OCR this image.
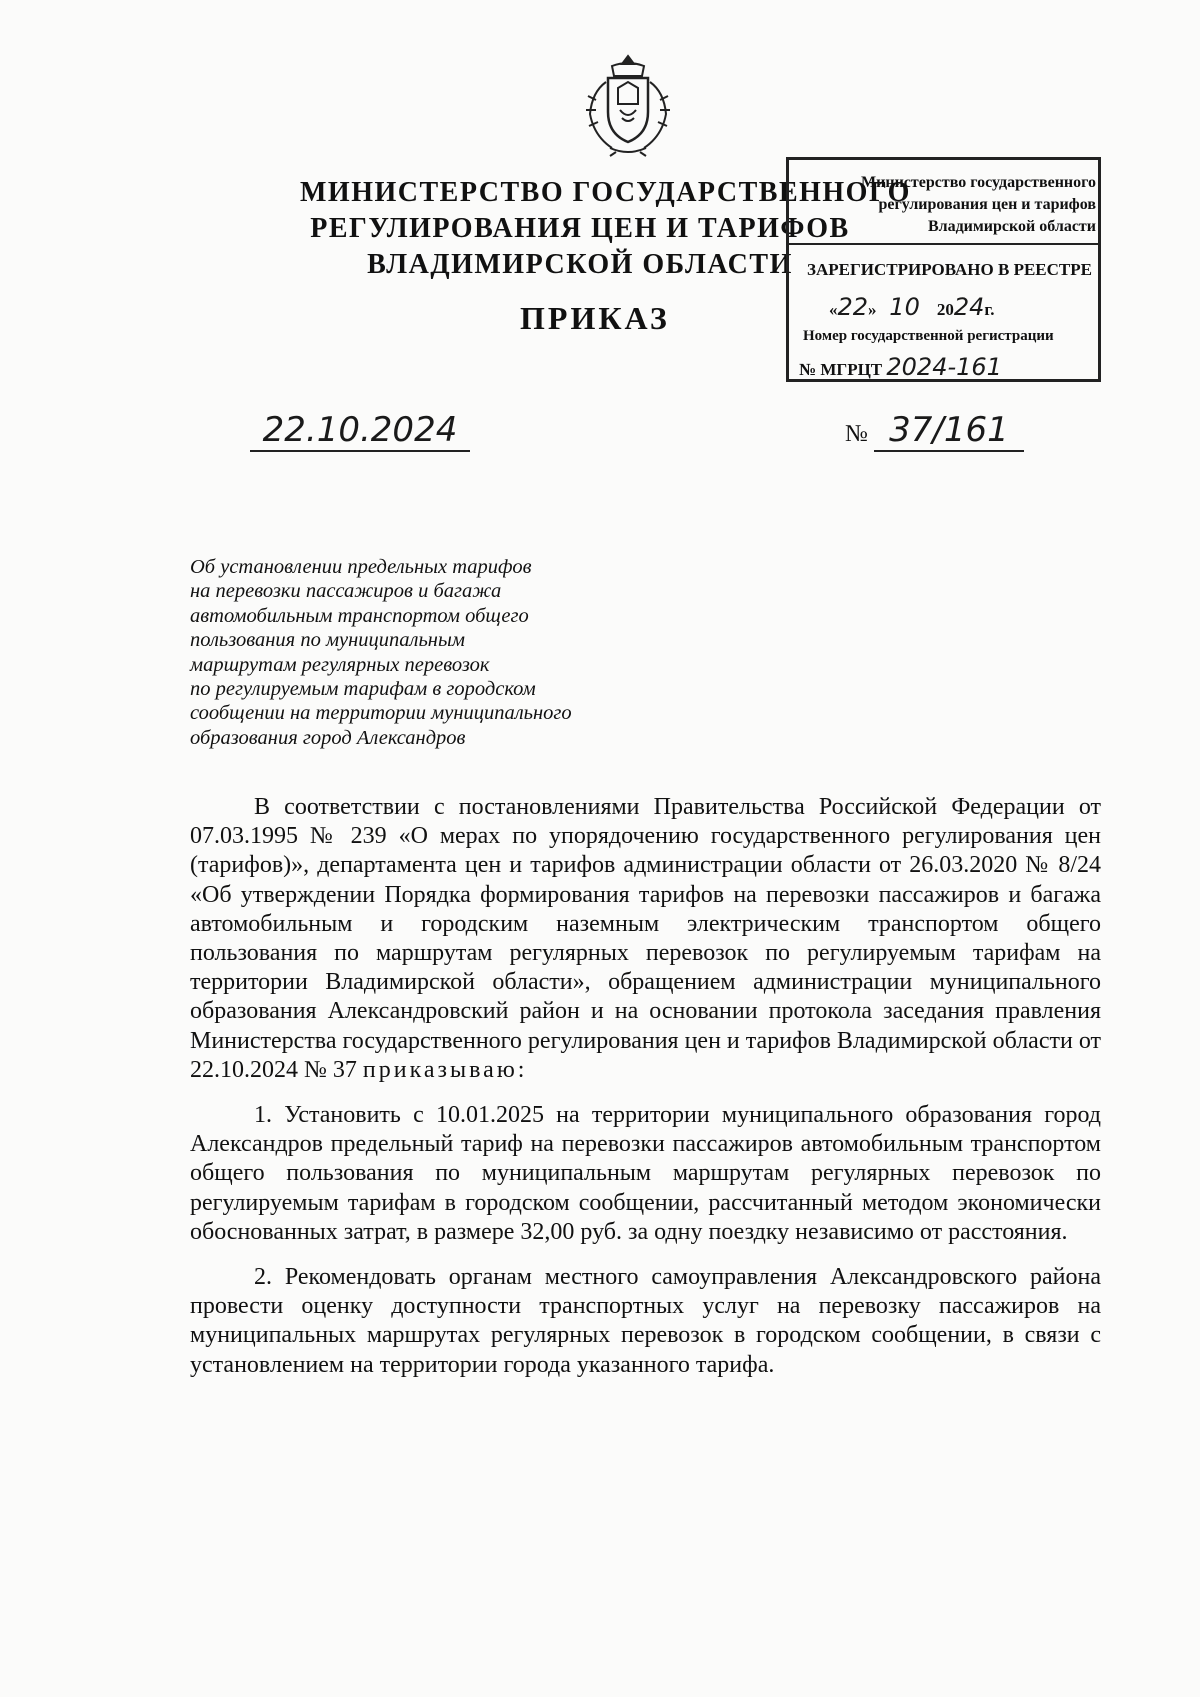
МИНИСТЕРСТВО ГОСУДАРСТВЕННОГО
РЕГУЛИРОВАНИЯ ЦЕН И ТАРИФОВ
ВЛАДИМИРСКОЙ ОБЛАСТИ
ПРИКАЗ
Министерство государственного
регулирования цен и тарифов
Владимирской области
ЗАРЕГИСТРИРОВАНО В РЕЕСТРЕ
«22» 10 2024г.
Номер государственной регистрации
№ МГРЦТ 2024-161
22.10.2024	№ 37/161
Об установлении предельных тарифов
на перевозки пассажиров и багажа
автомобильным транспортом общего
пользования по муниципальным
маршрутам регулярных перевозок
по регулируемым тарифам в городском
сообщении на территории муниципального
образования город Александров

В соответствии с постановлениями Правительства Российской Федерации от 07.03.1995 № 239 «О мерах по упорядочению государственного регулирования цен (тарифов)», департамента цен и тарифов администрации области от 26.03.2020 № 8/24 «Об утверждении Порядка формирования тарифов на перевозки пассажиров и багажа автомобильным и городским наземным электрическим транспортом общего пользования по маршрутам регулярных перевозок по регулируемым тарифам на территории Владимирской области», обращением администрации муниципального образования Александровский район и на основании протокола заседания правления Министерства государственного регулирования цен и тарифов Владимирской области от 22.10.2024 № 37 приказываю:

1. Установить с 10.01.2025 на территории муниципального образования город Александров предельный тариф на перевозки пассажиров автомобильным транспортом общего пользования по муниципальным маршрутам регулярных перевозок по регулируемым тарифам в городском сообщении, рассчитанный методом экономически обоснованных затрат, в размере 32,00 руб. за одну поездку независимо от расстояния.

2. Рекомендовать органам местного самоуправления Александровского района провести оценку доступности транспортных услуг на перевозку пассажиров на муниципальных маршрутах регулярных перевозок в городском сообщении, в связи с установлением на территории города указанного тарифа.
